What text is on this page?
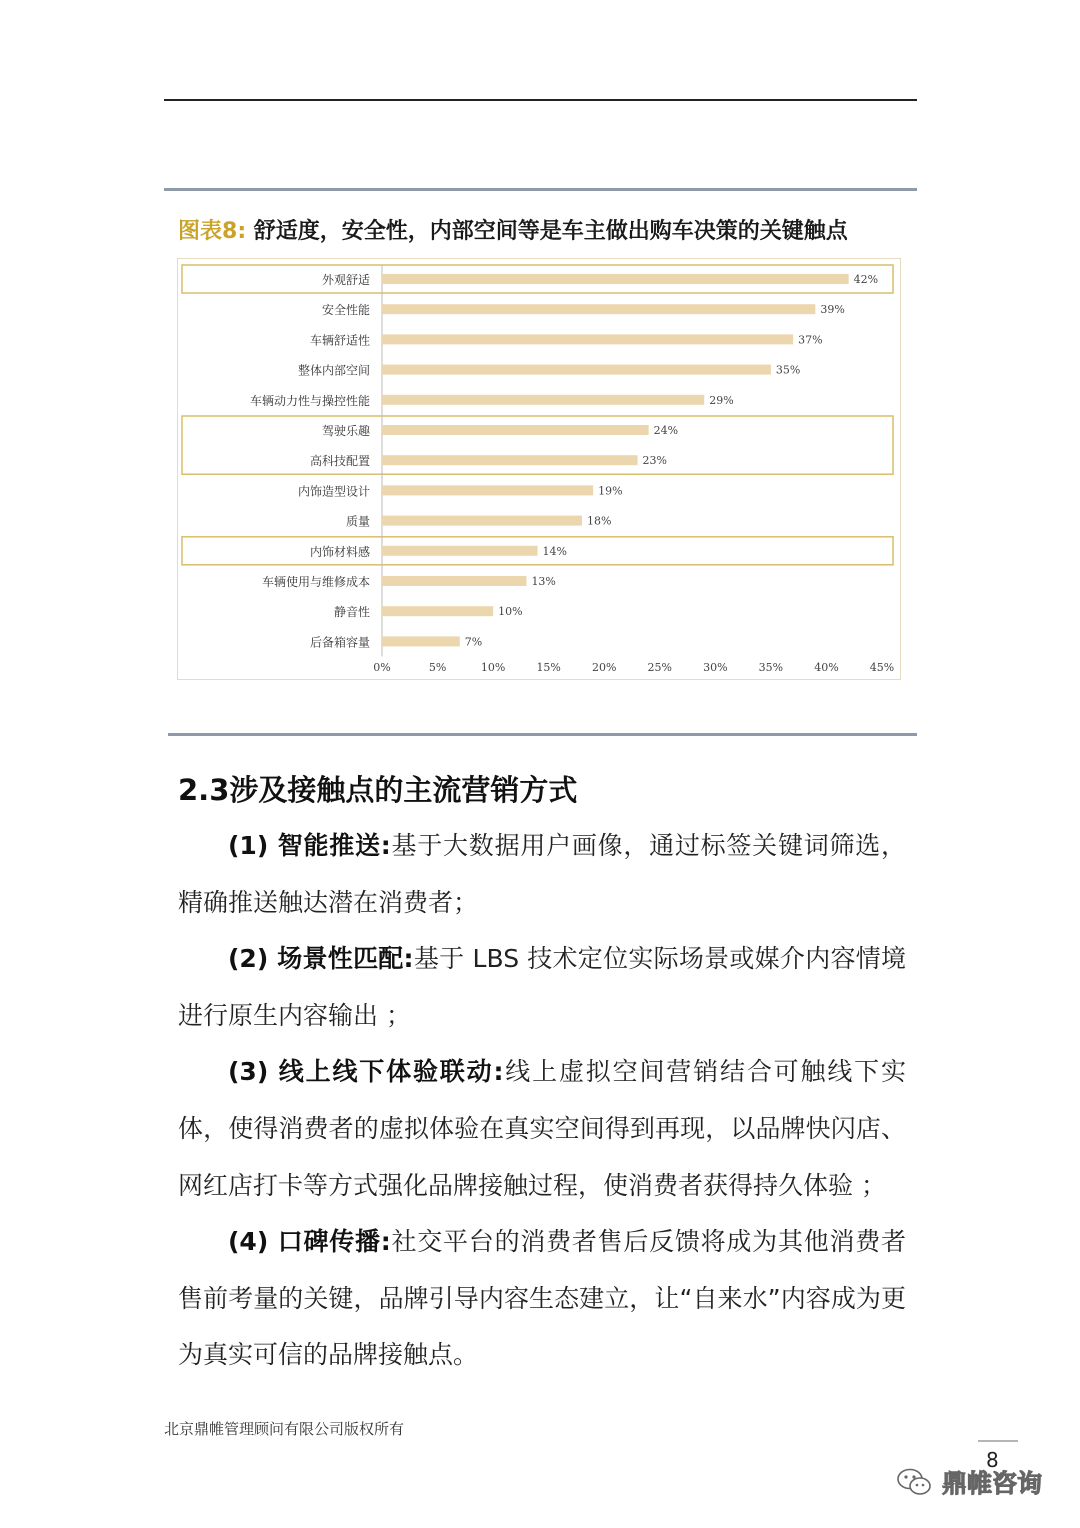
图表8: 舒适度，安全性，内部空间等是车主做出购车决策的关键触点
外观舒适	42%
安全性能	39%
车辆舒适性	37%
整体内部空间	35%
车辆动力性与操控性能	29%
驾驶乐趣	24%
高科技配置	23%
内饰造型设计	19%
质量	18%
内饰材料感	14%
车辆使用与维修成本	13%
静音性	10%
后备箱容量	7%
0%	5%	10%	15%	20%	25%	30%	35%	40%	45%
2.3涉及接触点的主流营销方式

(1) 智能推送:基于大数据用户画像，通过标签关键词筛选，精确推送触达潜在消费者；

(2) 场景性匹配:基于 LBS 技术定位实际场景或媒介内容情境进行原生内容输出 ；

(3) 线上线下体验联动:线上虚拟空间营销结合可触线下实体，使得消费者的虚拟体验在真实空间得到再现，以品牌快闪店、网红店打卡等方式强化品牌接触过程，使消费者获得持久体验 ；

(4) 口碑传播:社交平台的消费者售后反馈将成为其他消费者售前考量的关键，品牌引导内容生态建立，让“自来水”内容成为更为真实可信的品牌接触点。

北京鼎帷管理顾问有限公司版权所有
8
鼎帷咨询
